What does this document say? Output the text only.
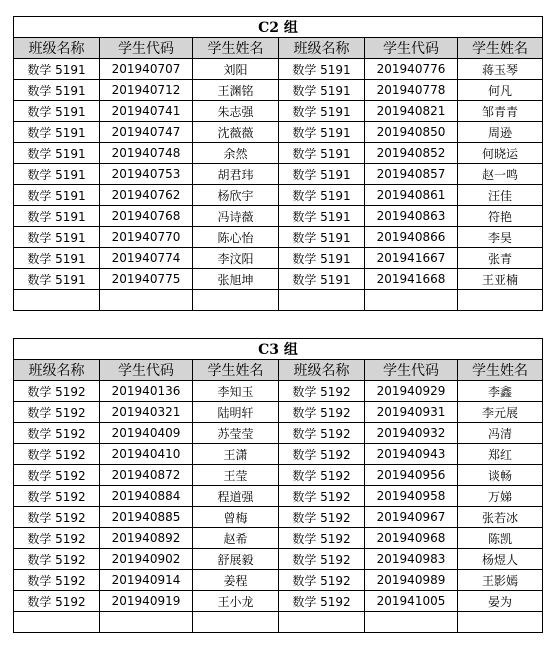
C2 组					
班级名称	学生代码	学生姓名	班级名称	学生代码	学生姓名
数学 5191	201940707	刘阳	数学 5191	201940776	蒋玉琴
数学 5191	201940712	王渊铭	数学 5191	201940778	何凡
数学 5191	201940741	朱志强	数学 5191	201940821	邹青青
数学 5191	201940747	沈薇薇	数学 5191	201940850	周逊
数学 5191	201940748	余然	数学 5191	201940852	何晓运
数学 5191	201940753	胡君玮	数学 5191	201940857	赵一鸣
数学 5191	201940762	杨欣宇	数学 5191	201940861	汪佳
数学 5191	201940768	冯诗薇	数学 5191	201940863	符艳
数学 5191	201940770	陈心怡	数学 5191	201940866	李昊
数学 5191	201940774	李汶阳	数学 5191	201941667	张青
数学 5191	201940775	张旭坤	数学 5191	201941668	王亚楠

C3 组					
班级名称	学生代码	学生姓名	班级名称	学生代码	学生姓名
数学 5192	201940136	李知玉	数学 5192	201940929	李鑫
数学 5192	201940321	陆明轩	数学 5192	201940931	李元展
数学 5192	201940409	苏莹莹	数学 5192	201940932	冯清
数学 5192	201940410	王潇	数学 5192	201940943	郑红
数学 5192	201940872	王莹	数学 5192	201940956	谈畅
数学 5192	201940884	程道强	数学 5192	201940958	万娣
数学 5192	201940885	曾梅	数学 5192	201940967	张若冰
数学 5192	201940892	赵希	数学 5192	201940968	陈凯
数学 5192	201940902	舒展毅	数学 5192	201940983	杨煜人
数学 5192	201940914	姜程	数学 5192	201940989	王影嫣
数学 5192	201940919	王小龙	数学 5192	201941005	晏为
